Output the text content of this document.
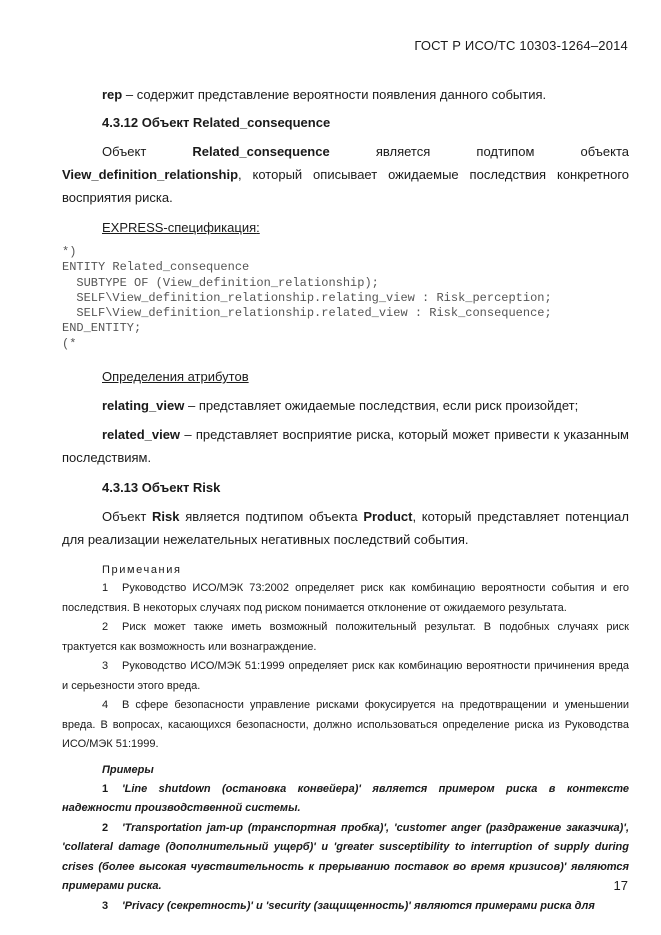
ГОСТ Р ИСО/ТС 10303-1264–2014

rep – содержит представление вероятности появления данного события.

4.3.12 Объект Related_consequence

Объект Related_consequence является подтипом объекта View_definition_relationship, который описывает ожидаемые последствия конкретного восприятия риска.

EXPRESS-спецификация:
*)
ENTITY Related_consequence
SUBTYPE OF (View_definition_relationship);
SELF\View_definition_relationship.relating_view : Risk_perception;
SELF\View_definition_relationship.related_view : Risk_consequence;
END_ENTITY;
(*
Определения атрибутов

relating_view – представляет ожидаемые последствия, если риск произойдет;

related_view – представляет восприятие риска, который может привести к указанным последствиям.

4.3.13 Объект Risk

Объект Risk является подтипом объекта Product, который представляет потенциал для реализации нежелательных негативных последствий события.

Примечания

1 Руководство ИСО/МЭК 73:2002 определяет риск как комбинацию вероятности события и его последствия. В некоторых случаях под риском понимается отклонение от ожидаемого результата.

2 Риск может также иметь возможный положительный результат. В подобных случаях риск трактуется как возможность или вознаграждение.

3 Руководство ИСО/МЭК 51:1999 определяет риск как комбинацию вероятности причинения вреда и серьезности этого вреда.

4 В сфере безопасности управление рисками фокусируется на предотвращении и уменьшении вреда. В вопросах, касающихся безопасности, должно использоваться определение риска из Руководства ИСО/МЭК 51:1999.

Примеры

1 'Line shutdown (остановка конвейера)' является примером риска в контексте надежности производственной системы.

2 'Transportation jam-up (транспортная пробка)', 'customer anger (раздражение заказчика)', 'collateral damage (дополнительный ущерб)' и 'greater susceptibility to interruption of supply during crises (более высокая чувствительность к прерыванию поставок во время кризисов)' являются примерами риска.

3 'Privacy (секретность)' и 'security (защищенность)' являются примерами риска для

17
